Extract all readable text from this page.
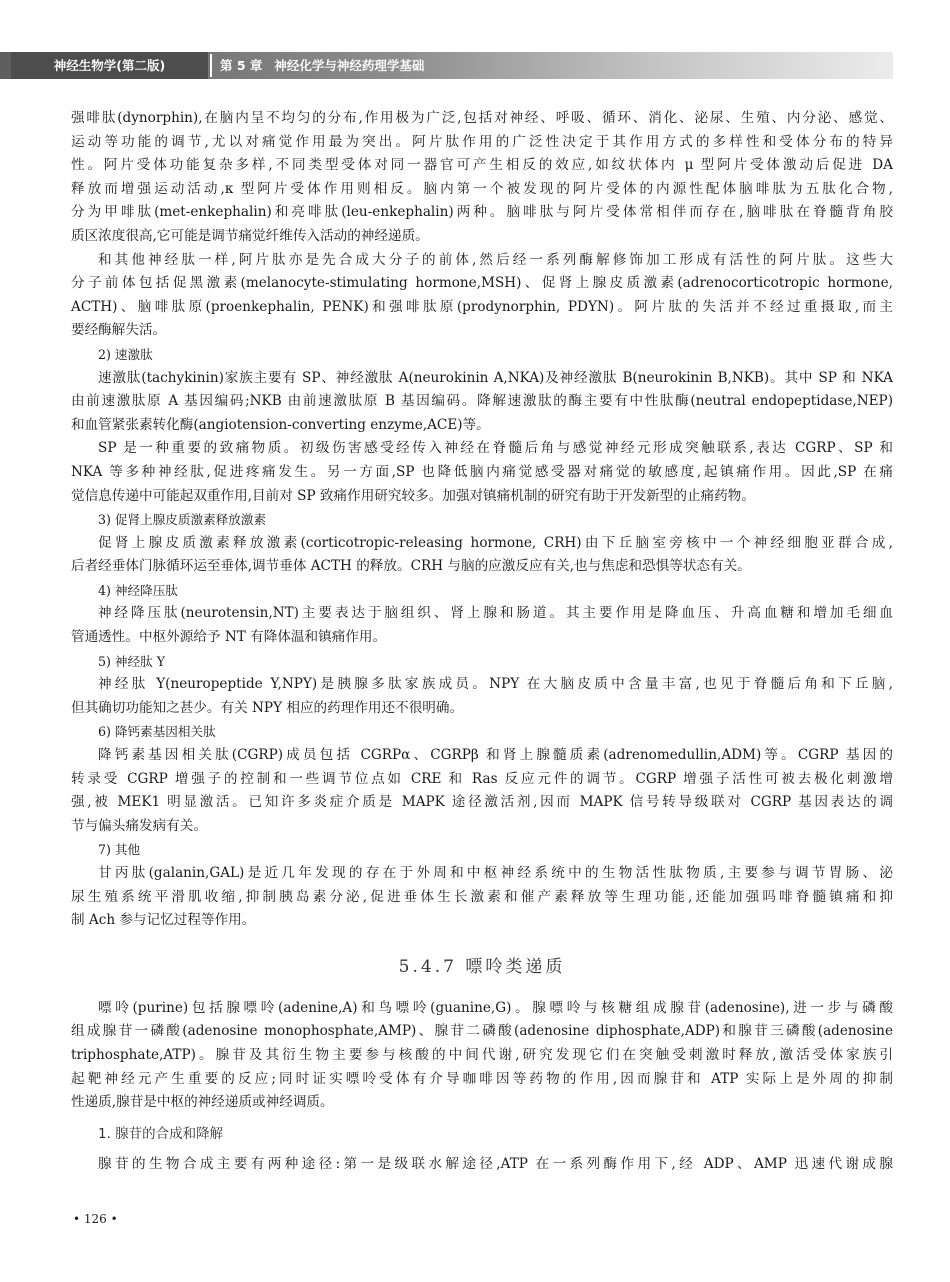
神经生物学(第二版)	第 5 章 神经化学与神经药理学基础
强啡肽(dynorphin),在脑内呈不均匀的分布,作用极为广泛,包括对神经、呼吸、循环、消化、泌尿、生殖、内分泌、感觉、
运动等功能的调节,尤以对痛觉作用最为突出。阿片肽作用的广泛性决定于其作用方式的多样性和受体分布的特异
性。阿片受体功能复杂多样,不同类型受体对同一器官可产生相反的效应,如纹状体内 μ 型阿片受体激动后促进 DA
释放而增强运动活动,κ 型阿片受体作用则相反。脑内第一个被发现的阿片受体的内源性配体脑啡肽为五肽化合物,
分为甲啡肽(met-enkephalin)和亮啡肽(leu-enkephalin)两种。脑啡肽与阿片受体常相伴而存在,脑啡肽在脊髓背角胶
质区浓度很高,它可能是调节痛觉纤维传入活动的神经递质。
和其他神经肽一样,阿片肽亦是先合成大分子的前体,然后经一系列酶解修饰加工形成有活性的阿片肽。这些大
分子前体包括促黑激素(melanocyte-stimulating hormone,MSH)、促肾上腺皮质激素(adrenocorticotropic hormone,
ACTH)、脑啡肽原(proenkephalin, PENK)和强啡肽原(prodynorphin, PDYN)。阿片肽的失活并不经过重摄取,而主
要经酶解失活。
2) 速激肽
速激肽(tachykinin)家族主要有 SP、神经激肽 A(neurokinin A,NKA)及神经激肽 B(neurokinin B,NKB)。其中 SP 和 NKA
由前速激肽原 A 基因编码;NKB 由前速激肽原 B 基因编码。降解速激肽的酶主要有中性肽酶(neutral endopeptidase,NEP)
和血管紧张素转化酶(angiotension-converting enzyme,ACE)等。
SP 是一种重要的致痛物质。初级伤害感受经传入神经在脊髓后角与感觉神经元形成突触联系,表达 CGRP、SP 和
NKA 等多种神经肽,促进疼痛发生。另一方面,SP 也降低脑内痛觉感受器对痛觉的敏感度,起镇痛作用。因此,SP 在痛
觉信息传递中可能起双重作用,目前对 SP 致痛作用研究较多。加强对镇痛机制的研究有助于开发新型的止痛药物。
3) 促肾上腺皮质激素释放激素
促肾上腺皮质激素释放激素(corticotropic-releasing hormone, CRH)由下丘脑室旁核中一个神经细胞亚群合成,
后者经垂体门脉循环运至垂体,调节垂体 ACTH 的释放。CRH 与脑的应激反应有关,也与焦虑和恐惧等状态有关。
4) 神经降压肽
神经降压肽(neurotensin,NT)主要表达于脑组织、肾上腺和肠道。其主要作用是降血压、升高血糖和增加毛细血
管通透性。中枢外源给予 NT 有降体温和镇痛作用。
5) 神经肽 Y
神经肽 Y(neuropeptide Y,NPY)是胰腺多肽家族成员。NPY 在大脑皮质中含量丰富,也见于脊髓后角和下丘脑,
但其确切功能知之甚少。有关 NPY 相应的药理作用还不很明确。
6) 降钙素基因相关肽
降钙素基因相关肽(CGRP)成员包括 CGRPα、CGRPβ 和肾上腺髓质素(adrenomedullin,ADM)等。CGRP 基因的
转录受 CGRP 增强子的控制和一些调节位点如 CRE 和 Ras 反应元件的调节。CGRP 增强子活性可被去极化刺激增
强,被 MEK1 明显激活。已知许多炎症介质是 MAPK 途径激活剂,因而 MAPK 信号转导级联对 CGRP 基因表达的调
节与偏头痛发病有关。
7) 其他
甘丙肽(galanin,GAL)是近几年发现的存在于外周和中枢神经系统中的生物活性肽物质,主要参与调节胃肠、泌
尿生殖系统平滑肌收缩,抑制胰岛素分泌,促进垂体生长激素和催产素释放等生理功能,还能加强吗啡脊髓镇痛和抑
制 Ach 参与记忆过程等作用。
5.4.7 嘌呤类递质
嘌呤(purine)包括腺嘌呤(adenine,A)和鸟嘌呤(guanine,G)。腺嘌呤与核糖组成腺苷(adenosine),进一步与磷酸
组成腺苷一磷酸(adenosine monophosphate,AMP)、腺苷二磷酸(adenosine diphosphate,ADP)和腺苷三磷酸(adenosine
triphosphate,ATP)。腺苷及其衍生物主要参与核酸的中间代谢,研究发现它们在突触受刺激时释放,激活受体家族引
起靶神经元产生重要的反应;同时证实嘌呤受体有介导咖啡因等药物的作用,因而腺苷和 ATP 实际上是外周的抑制
性递质,腺苷是中枢的神经递质或神经调质。
1. 腺苷的合成和降解
腺苷的生物合成主要有两种途径:第一是级联水解途径,ATP 在一系列酶作用下,经 ADP、AMP 迅速代谢成腺
• 126 •
